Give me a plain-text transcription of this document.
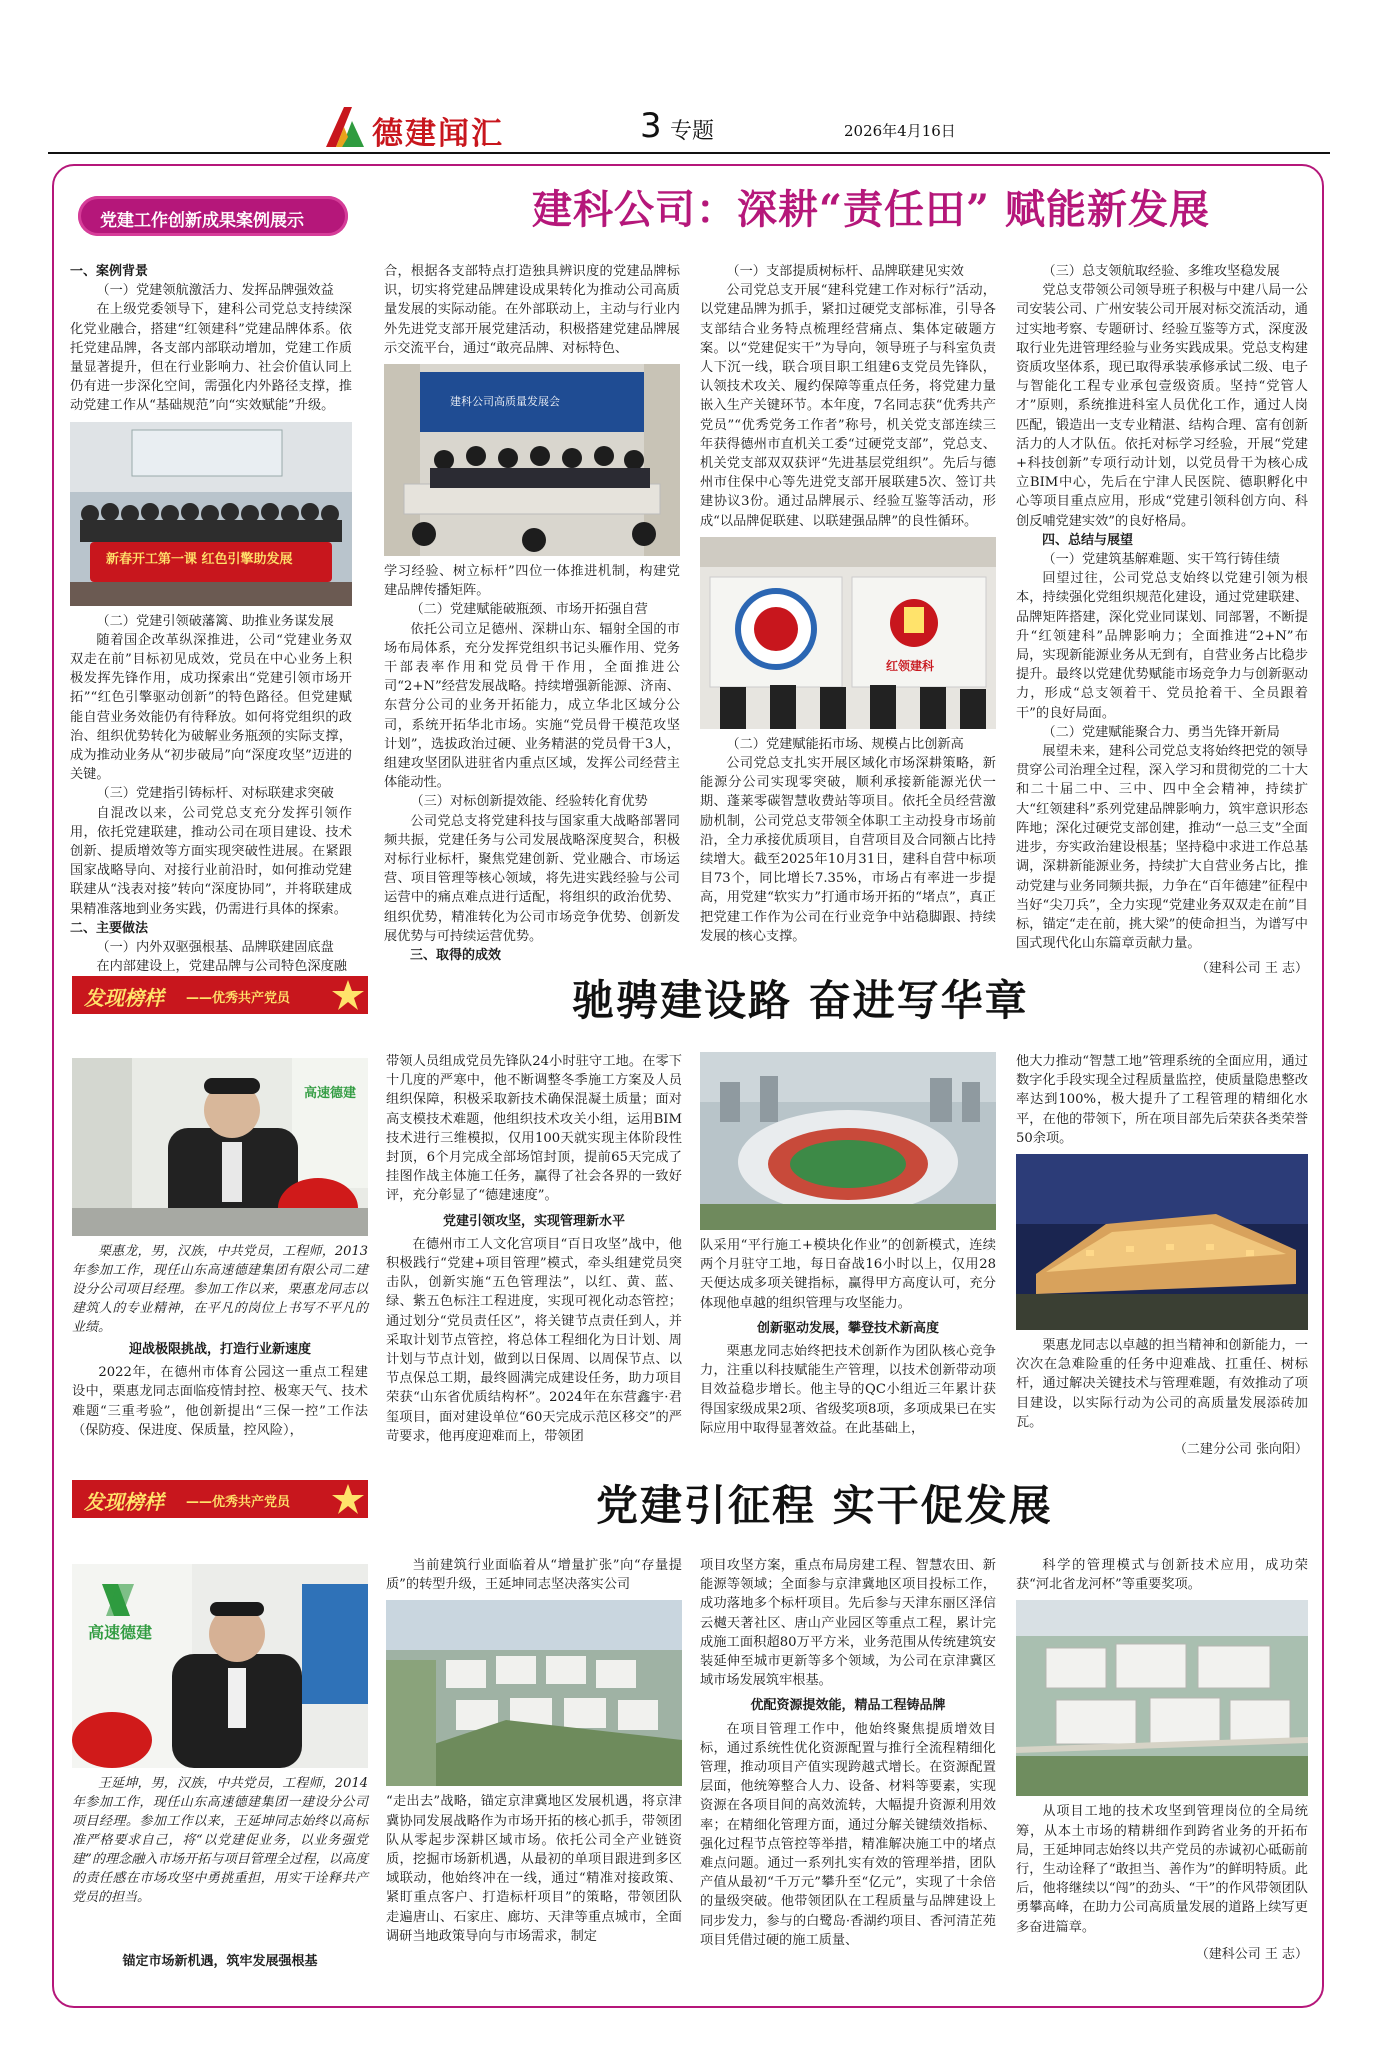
德建闻汇	3 专题	2026年4月16日
党建工作创新成果案例展示	建科公司：深耕“责任田” 赋能新发展
一、案例背景

（一）党建领航激活力、发挥品牌强效益

在上级党委领导下，建科公司党总支持续深化党业融合，搭建“红领建科”党建品牌体系。依托党建品牌，各支部内部联动增加，党建工作质量显著提升，但在行业影响力、社会价值认同上仍有进一步深化空间，需强化内外路径支撑，推动党建工作从“基础规范”向“实效赋能”升级。

新春开工第一课 红色引擎助发展

（二）党建引领破藩篱、助推业务谋发展

随着国企改革纵深推进，公司“党建业务双双走在前”目标初见成效，党员在中心业务上积极发挥先锋作用，成功探索出“党建引领市场开拓”“红色引擎驱动创新”的特色路径。但党建赋能自营业务效能仍有待释放。如何将党组织的政治、组织优势转化为破解业务瓶颈的实际支撑，成为推动业务从“初步破局”向“深度攻坚”迈进的关键。

（三）党建指引铸标杆、对标联建求突破

自混改以来，公司党总支充分发挥引领作用，依托党建联建，推动公司在项目建设、技术创新、提质增效等方面实现突破性进展。在紧跟国家战略导向、对接行业前沿时，如何推动党建联建从“浅表对接”转向“深度协同”，并将联建成果精准落地到业务实践，仍需进行具体的探索。

二、主要做法

（一）内外双驱强根基、品牌联建固底盘

在内部建设上，党建品牌与公司特色深度融

合，根据各支部特点打造独具辨识度的党建品牌标识，切实将党建品牌建设成果转化为推动公司高质量发展的实际动能。在外部联动上，主动与行业内外先进党支部开展党建活动，积极搭建党建品牌展示交流平台，通过“敢亮品牌、对标特色、

建科公司高质量发展会

学习经验、树立标杆”四位一体推进机制，构建党建品牌传播矩阵。

（二）党建赋能破瓶颈、市场开拓强自营

依托公司立足德州、深耕山东、辐射全国的市场布局体系，充分发挥党组织书记头雁作用、党务干部表率作用和党员骨干作用，全面推进公司“2+N”经营发展战略。持续增强新能源、济南、东营分公司的业务开拓能力，成立华北区域分公司，系统开拓华北市场。实施“党员骨干模范攻坚计划”，选拔政治过硬、业务精湛的党员骨干3人，组建攻坚团队进驻省内重点区域，发挥公司经营主体能动性。

（三）对标创新提效能、经验转化育优势

公司党总支将党建科技与国家重大战略部署同频共振，党建任务与公司发展战略深度契合，积极对标行业标杆，聚焦党建创新、党业融合、市场运营、项目管理等核心领域，将先进实践经验与公司运营中的痛点难点进行适配，将组织的政治优势、组织优势，精准转化为公司市场竞争优势、创新发展优势与可持续运营优势。

三、取得的成效

（一）支部提质树标杆、品牌联建见实效

公司党总支开展“建科党建工作对标行”活动，以党建品牌为抓手，紧扣过硬党支部标准，引导各支部结合业务特点梳理经营痛点、集体定破题方案。以“党建促实干”为导向，领导班子与科室负责人下沉一线，联合项目职工组建6支党员先锋队，认领技术攻关、履约保障等重点任务，将党建力量嵌入生产关键环节。本年度，7名同志获“优秀共产党员”“优秀党务工作者”称号，机关党支部连续三年获得德州市直机关工委“过硬党支部”，党总支、机关党支部双双获评“先进基层党组织”。先后与德州市住保中心等先进党支部开展联建5次、签订共建协议3份。通过品牌展示、经验互鉴等活动，形成“以品牌促联建、以联建强品牌”的良性循环。

红领建科

（二）党建赋能拓市场、规模占比创新高

公司党总支扎实开展区域化市场深耕策略，新能源分公司实现零突破，顺利承接新能源光伏一期、蓬莱零碳智慧收费站等项目。依托全员经营激励机制，公司党总支带领全体职工主动投身市场前沿，全力承接优质项目，自营项目及合同额占比持续增大。截至2025年10月31日，建科自营中标项目73个，同比增长7.35%，市场占有率进一步提高，用党建“软实力”打通市场开拓的“堵点”，真正把党建工作作为公司在行业竞争中站稳脚跟、持续发展的核心支撑。

（三）总支领航取经验、多维攻坚稳发展

党总支带领公司领导班子积极与中建八局一公司安装公司、广州安装公司开展对标交流活动，通过实地考察、专题研讨、经验互鉴等方式，深度汲取行业先进管理经验与业务实践成果。党总支构建资质攻坚体系，现已取得承装承修承试二级、电子与智能化工程专业承包壹级资质。坚持“党管人才”原则，系统推进科室人员优化工作，通过人岗匹配，锻造出一支专业精湛、结构合理、富有创新活力的人才队伍。依托对标学习经验，开展“党建+科技创新”专项行动计划，以党员骨干为核心成立BIM中心，先后在宁津人民医院、德职孵化中心等项目重点应用，形成“党建引领科创方向、科创反哺党建实效”的良好格局。

四、总结与展望

（一）党建筑基解难题、实干笃行铸佳绩

回望过往，公司党总支始终以党建引领为根本，持续强化党组织规范化建设，通过党建联建、品牌矩阵搭建，深化党业同谋划、同部署，不断提升“红领建科”品牌影响力；全面推进“2+N”布局，实现新能源业务从无到有，自营业务占比稳步提升。最终以党建优势赋能市场竞争力与创新驱动力，形成“总支领着干、党员抢着干、全员跟着干”的良好局面。

（二）党建赋能聚合力、勇当先锋开新局

展望未来，建科公司党总支将始终把党的领导贯穿公司治理全过程，深入学习和贯彻党的二十大和二十届二中、三中、四中全会精神，持续扩大“红领建科”系列党建品牌影响力，筑牢意识形态阵地；深化过硬党支部创建，推动“一总三支”全面进步，夯实政治建设根基；坚持稳中求进工作总基调，深耕新能源业务，持续扩大自营业务占比，推动党建与业务同频共振，力争在“百年德建”征程中当好“尖刀兵”，全力实现“党建业务双双走在前”目标，锚定“走在前，挑大梁”的使命担当，为谱写中国式现代化山东篇章贡献力量。

（建科公司 王 志）
发现榜样 ——优秀共产党员	驰骋建设路 奋进写华章
高速德建

栗惠龙，男，汉族，中共党员，工程师，2013年参加工作，现任山东高速德建集团有限公司二建设分公司项目经理。参加工作以来，栗惠龙同志以建筑人的专业精神，在平凡的岗位上书写不平凡的业绩。

迎战极限挑战，打造行业新速度

2022年，在德州市体育公园这一重点工程建设中，栗惠龙同志面临疫情封控、极寒天气、技术难题“三重考验”，他创新提出“三保一控”工作法（保防疫、保进度、保质量，控风险），

带领人员组成党员先锋队24小时驻守工地。在零下十几度的严寒中，他不断调整冬季施工方案及人员组织保障，积极采取新技术确保混凝土质量；面对高支模技术难题，他组织技术攻关小组，运用BIM技术进行三维模拟，仅用100天就实现主体阶段性封顶，6个月完成全部场馆封顶，提前65天完成了挂图作战主体施工任务，赢得了社会各界的一致好评，充分彰显了“德建速度”。

党建引领攻坚，实现管理新水平

在德州市工人文化宫项目“百日攻坚”战中，他积极践行“党建+项目管理”模式，牵头组建党员突击队，创新实施“五色管理法”，以红、黄、蓝、绿、紫五色标注工程进度，实现可视化动态管控；通过划分“党员责任区”，将关键节点责任到人，并采取计划节点管控，将总体工程细化为日计划、周计划与节点计划，做到以日保周、以周保节点、以节点保总工期，最终圆满完成建设任务，助力项目荣获“山东省优质结构杯”。2024年在东营鑫宇·君玺项目，面对建设单位“60天完成示范区移交”的严苛要求，他再度迎难而上，带领团

队采用“平行施工+模块化作业”的创新模式，连续两个月驻守工地，每日奋战16小时以上，仅用28天便达成多项关键指标，赢得甲方高度认可，充分体现他卓越的组织管理与攻坚能力。

创新驱动发展，攀登技术新高度

栗惠龙同志始终把技术创新作为团队核心竞争力，注重以科技赋能生产管理，以技术创新带动项目效益稳步增长。他主导的QC小组近三年累计获得国家级成果2项、省级奖项8项，多项成果已在实际应用中取得显著效益。在此基础上，

他大力推动“智慧工地”管理系统的全面应用，通过数字化手段实现全过程质量监控，使质量隐患整改率达到100%，极大提升了工程管理的精细化水平，在他的带领下，所在项目部先后荣获各类荣誉50余项。

栗惠龙同志以卓越的担当精神和创新能力，一次次在急难险重的任务中迎难战、扛重任、树标杆，通过解决关键技术与管理难题，有效推动了项目建设，以实际行动为公司的高质量发展添砖加瓦。

（二建分公司 张向阳）
发现榜样 ——优秀共产党员	党建引征程 实干促发展
高速德建

王延坤，男，汉族，中共党员，工程师，2014年参加工作，现任山东高速德建集团一建设分公司项目经理。参加工作以来，王延坤同志始终以高标准严格要求自己，将“以党建促业务，以业务强党建”的理念融入市场开拓与项目管理全过程，以高度的责任感在市场攻坚中勇挑重担，用实干诠释共产党员的担当。

锚定市场新机遇，筑牢发展强根基

当前建筑行业面临着从“增量扩张”向“存量提质”的转型升级，王延坤同志坚决落实公司

“走出去”战略，锚定京津冀地区发展机遇，将京津冀协同发展战略作为市场开拓的核心抓手，带领团队从零起步深耕区域市场。依托公司全产业链资质，挖掘市场新机遇，从最初的单项目跟进到多区域联动，他始终冲在一线，通过“精准对接政策、紧盯重点客户、打造标杆项目”的策略，带领团队走遍唐山、石家庄、廊坊、天津等重点城市，全面调研当地政策导向与市场需求，制定

项目攻坚方案，重点布局房建工程、智慧农田、新能源等领域；全面参与京津冀地区项目投标工作，成功落地多个标杆项目。先后参与天津东丽区泽信云樾天著社区、唐山产业园区等重点工程，累计完成施工面积超80万平方米，业务范围从传统建筑安装延伸至城市更新等多个领域，为公司在京津冀区域市场发展筑牢根基。

优配资源提效能，精品工程铸品牌

在项目管理工作中，他始终聚焦提质增效目标，通过系统性优化资源配置与推行全流程精细化管理，推动项目产值实现跨越式增长。在资源配置层面，他统筹整合人力、设备、材料等要素，实现资源在各项目间的高效流转，大幅提升资源利用效率；在精细化管理方面，通过分解关键绩效指标、强化过程节点管控等举措，精准解决施工中的堵点难点问题。通过一系列扎实有效的管理举措，团队产值从最初“千万元”攀升至“亿元”，实现了十余倍的量级突破。他带领团队在工程质量与品牌建设上同步发力，参与的白鹭岛·香湖约项目、香河清芷苑项目凭借过硬的施工质量、

科学的管理模式与创新技术应用，成功荣获“河北省龙河杯”等重要奖项。

从项目工地的技术攻坚到管理岗位的全局统筹，从本土市场的精耕细作到跨省业务的开拓布局，王延坤同志始终以共产党员的赤诚初心砥砺前行，生动诠释了“敢担当、善作为”的鲜明特质。此后，他将继续以“闯”的劲头、“干”的作风带领团队勇攀高峰，在助力公司高质量发展的道路上续写更多奋进篇章。

（建科公司 王 志）
